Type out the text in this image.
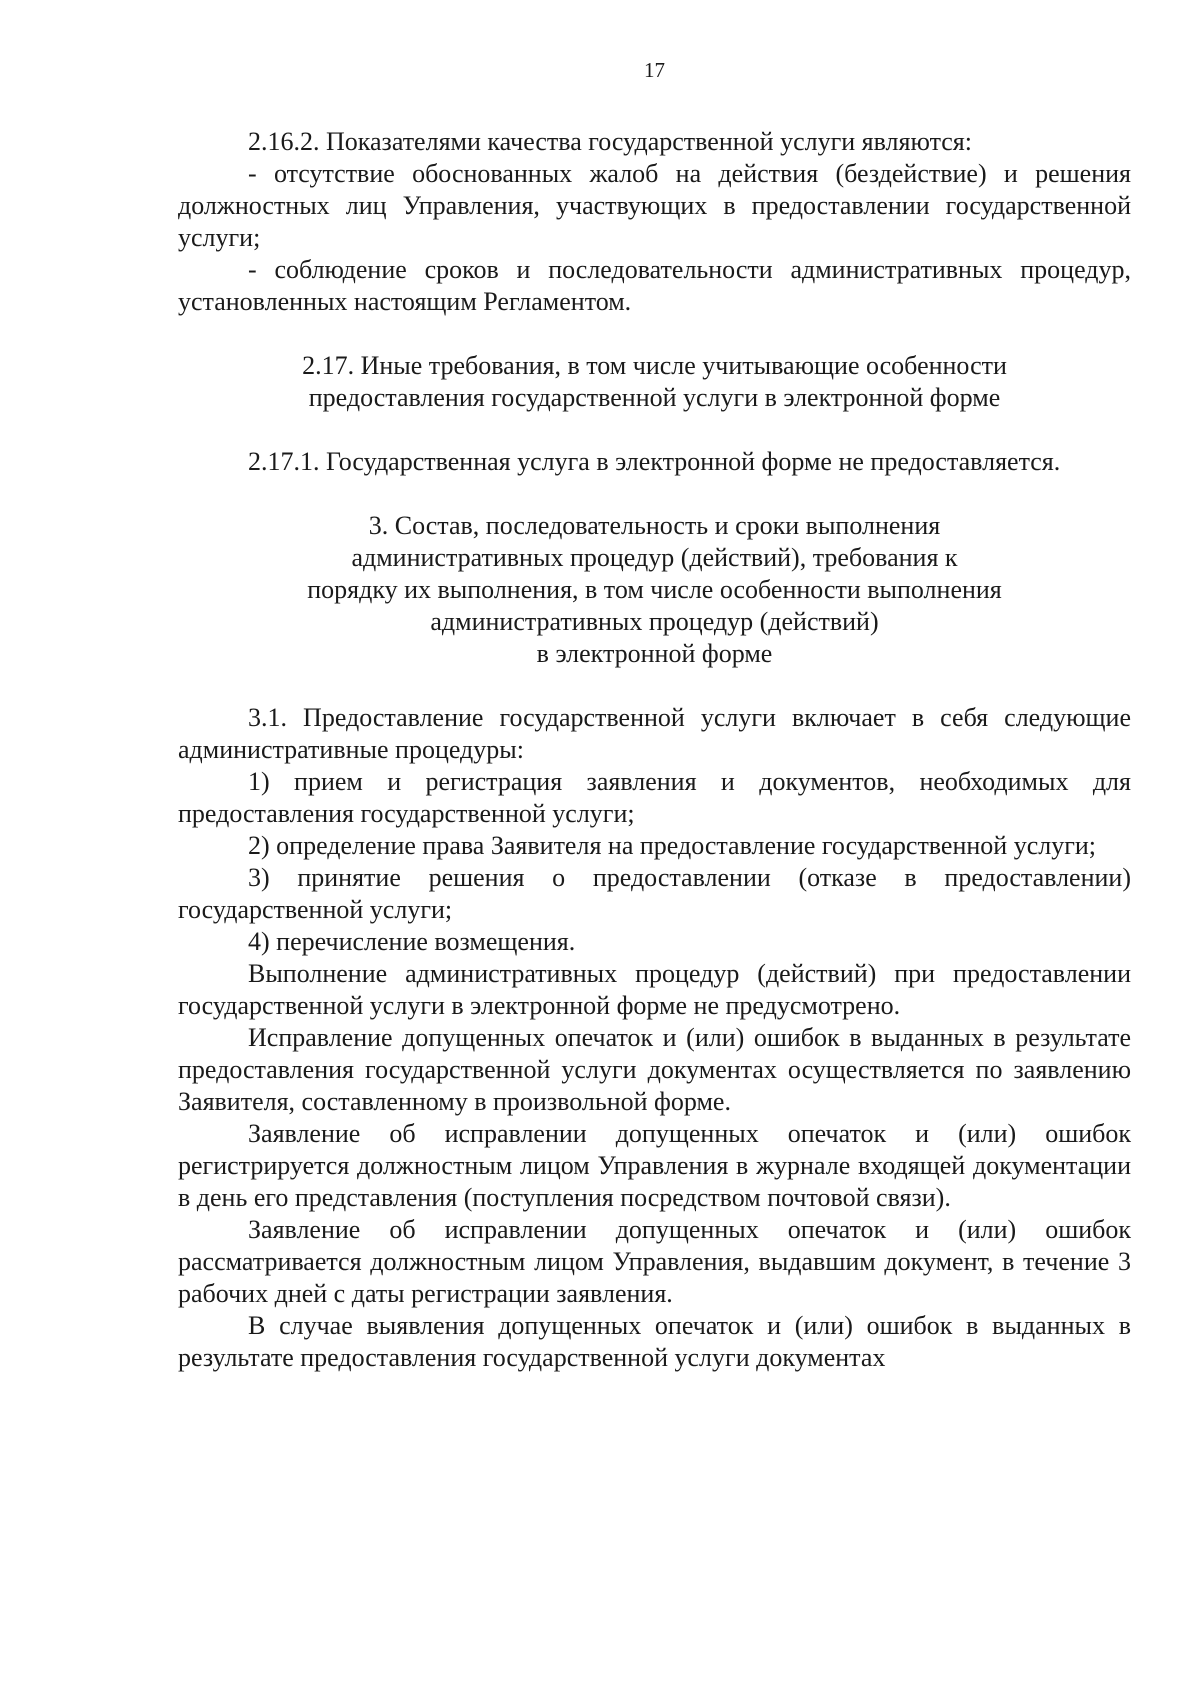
17

2.16.2. Показателями качества государственной услуги являются:

- отсутствие обоснованных жалоб на действия (бездействие) и решения должностных лиц Управления, участвующих в предоставлении государственной услуги;

- соблюдение сроков и последовательности административных процедур, установленных настоящим Регламентом.

2.17. Иные требования, в том числе учитывающие особенности
предоставления государственной услуги в электронной форме

2.17.1. Государственная услуга в электронной форме не предоставляется.

3. Состав, последовательность и сроки выполнения
административных процедур (действий), требования к
порядку их выполнения, в том числе особенности выполнения
административных процедур (действий)
в электронной форме

3.1. Предоставление государственной услуги включает в себя следующие административные процедуры:

1) прием и регистрация заявления и документов, необходимых для предоставления государственной услуги;

2) определение права Заявителя на предоставление государственной услуги;

3) принятие решения о предоставлении (отказе в предоставлении) государственной услуги;

4) перечисление возмещения.

Выполнение административных процедур (действий) при предоставлении государственной услуги в электронной форме не предусмотрено.

Исправление допущенных опечаток и (или) ошибок в выданных в результате предоставления государственной услуги документах осуществляется по заявлению Заявителя, составленному в произвольной форме.

Заявление об исправлении допущенных опечаток и (или) ошибок регистрируется должностным лицом Управления в журнале входящей документации в день его представления (поступления посредством почтовой связи).

Заявление об исправлении допущенных опечаток и (или) ошибок рассматривается должностным лицом Управления, выдавшим документ, в течение 3 рабочих дней с даты регистрации заявления.

В случае выявления допущенных опечаток и (или) ошибок в выданных в результате предоставления государственной услуги документах
